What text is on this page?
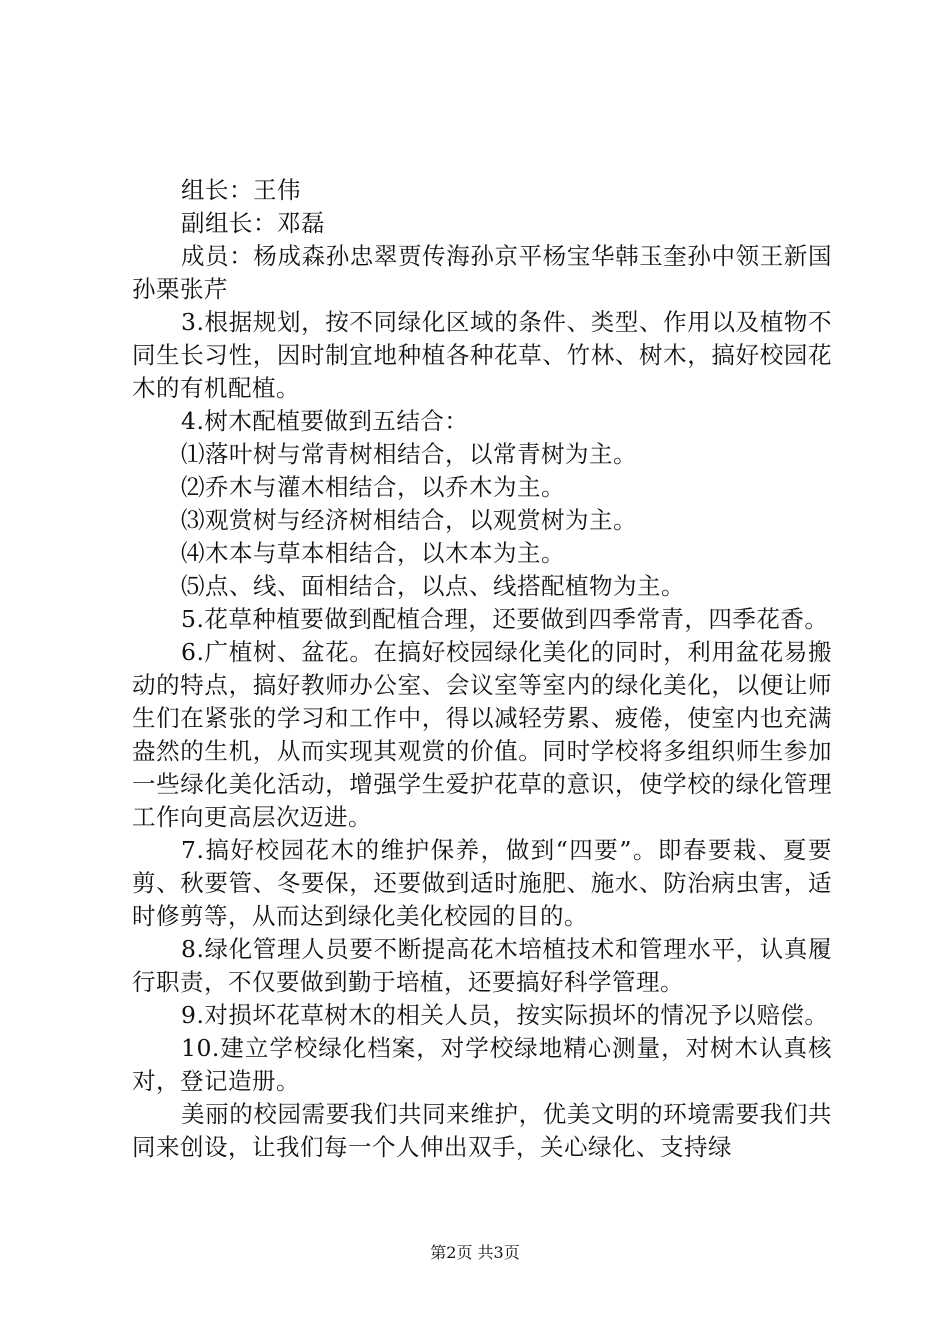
组长：王伟

副组长：邓磊

成员：杨成森孙忠翠贾传海孙京平杨宝华韩玉奎孙中领王新国孙栗张芹

3.根据规划，按不同绿化区域的条件、类型、作用以及植物不同生长习性，因时制宜地种植各种花草、竹林、树木，搞好校园花木的有机配植。

4.树木配植要做到五结合：

⑴落叶树与常青树相结合，以常青树为主。

⑵乔木与灌木相结合，以乔木为主。

⑶观赏树与经济树相结合，以观赏树为主。

⑷木本与草本相结合，以木本为主。

⑸点、线、面相结合，以点、线搭配植物为主。

5.花草种植要做到配植合理，还要做到四季常青，四季花香。

6.广植树、盆花。在搞好校园绿化美化的同时，利用盆花易搬动的特点，搞好教师办公室、会议室等室内的绿化美化，以便让师生们在紧张的学习和工作中，得以减轻劳累、疲倦，使室内也充满盎然的生机，从而实现其观赏的价值。同时学校将多组织师生参加一些绿化美化活动，增强学生爱护花草的意识，使学校的绿化管理工作向更高层次迈进。

7.搞好校园花木的维护保养，做到“四要”。即春要栽、夏要剪、秋要管、冬要保，还要做到适时施肥、施水、防治病虫害，适时修剪等，从而达到绿化美化校园的目的。

8.绿化管理人员要不断提高花木培植技术和管理水平，认真履行职责，不仅要做到勤于培植，还要搞好科学管理。

9.对损坏花草树木的相关人员，按实际损坏的情况予以赔偿。

10.建立学校绿化档案，对学校绿地精心测量，对树木认真核对，登记造册。

美丽的校园需要我们共同来维护，优美文明的环境需要我们共同来创设，让我们每一个人伸出双手，关心绿化、支持绿

第2页 共3页
